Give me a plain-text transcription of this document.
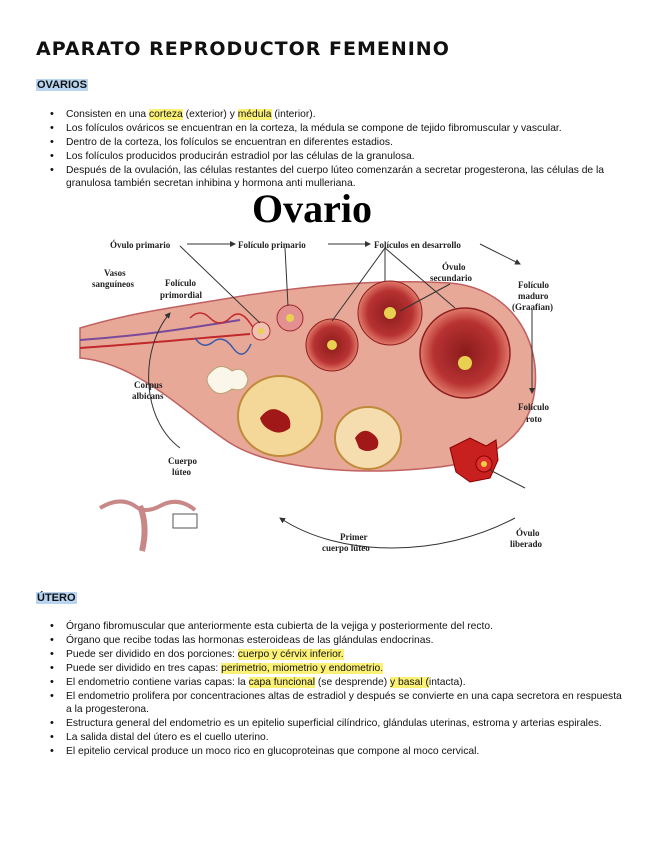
APARATO REPRODUCTOR FEMENINO
OVARIOS
• Consisten en una corteza (exterior) y médula (interior).
• Los folículos ováricos se encuentran en la corteza, la médula se compone de tejido fibromuscular y vascular.
• Dentro de la corteza, los folículos se encuentran en diferentes estadios.
• Los folículos producidos producirán estradiol por las células de la granulosa.
• Después de la ovulación, las células restantes del cuerpo lúteo comenzarán a secretar progesterona, las células de la granulosa también secretan inhibina y hormona anti mulleriana.
Ovario
Óvulo primario	Folículo primario	Folículos en desarrollo
Vasos
sanguíneos	Folículo
primordial
Óvulo
secundario
Folículo
maduro
(Graafian)
Corpus
albicans
Folículo
roto
Cuerpo
lúteo
Primer
cuerpo lúteo
Óvulo
liberado
ÚTERO
• Órgano fibromuscular que anteriormente esta cubierta de la vejiga y posteriormente del recto.
• Órgano que recibe todas las hormonas esteroideas de las glándulas endocrinas.
• Puede ser dividido en dos porciones: cuerpo y cérvix inferior.
• Puede ser dividido en tres capas: perimetrio, miometrio y endometrio.
• El endometrio contiene varias capas: la capa funcional (se desprende) y basal (intacta).
• El endometrio prolifera por concentraciones altas de estradiol y después se convierte en una capa secretora en respuesta a la progesterona.
• Estructura general del endometrio es un epitelio superficial cilíndrico, glándulas uterinas, estroma y arterias espirales.
• La salida distal del útero es el cuello uterino.
• El epitelio cervical produce un moco rico en glucoproteinas que compone al moco cervical.
